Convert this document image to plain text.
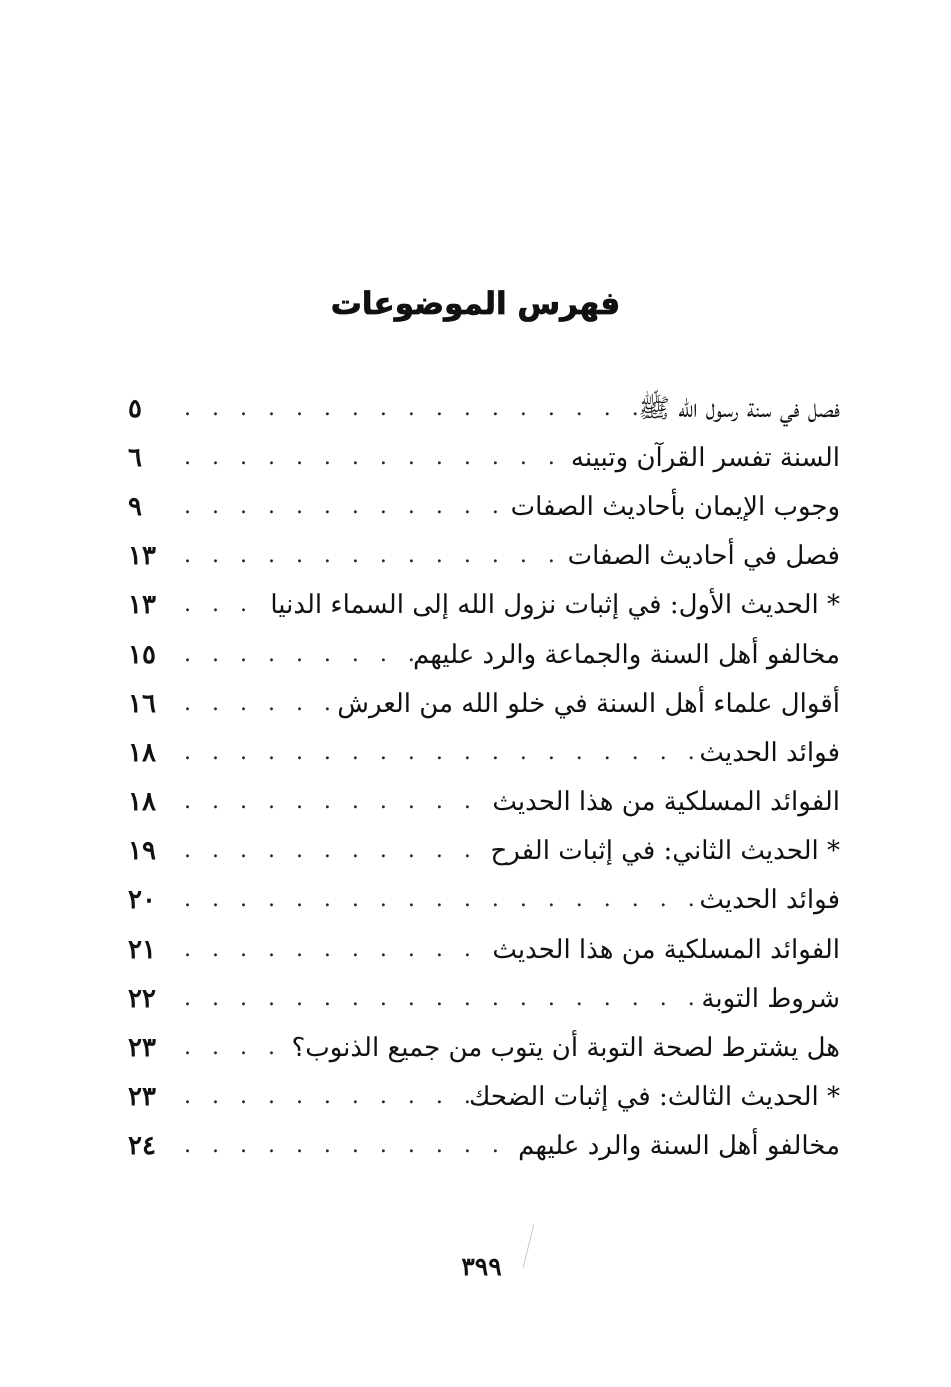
فهرس الموضوعات
فصل في سنة رسول الله ﷺ
. . .
٥
السنة تفسر القرآن وتبينه
. . .
٦
وجوب الإيمان بأحاديث الصفات
. . .
٩
فصل في أحاديث الصفات
. . .
١٣
* الحديث الأول: في إثبات نزول الله إلى السماء الدنيا
. . .
١٣
مخالفو أهل السنة والجماعة والرد عليهم
. . .
١٥
أقوال علماء أهل السنة في خلو الله من العرش
. . .
١٦
فوائد الحديث
. . .
١٨
الفوائد المسلكية من هذا الحديث
. . .
١٨
* الحديث الثاني: في إثبات الفرح
. . .
١٩
فوائد الحديث
. . .
٢٠
الفوائد المسلكية من هذا الحديث
. . .
٢١
شروط التوبة
. . .
٢٢
هل يشترط لصحة التوبة أن يتوب من جميع الذنوب؟
. . .
٢٣
* الحديث الثالث: في إثبات الضحك
. . .
٢٣
مخالفو أهل السنة والرد عليهم
. . .
٢٤
٣٩٩
